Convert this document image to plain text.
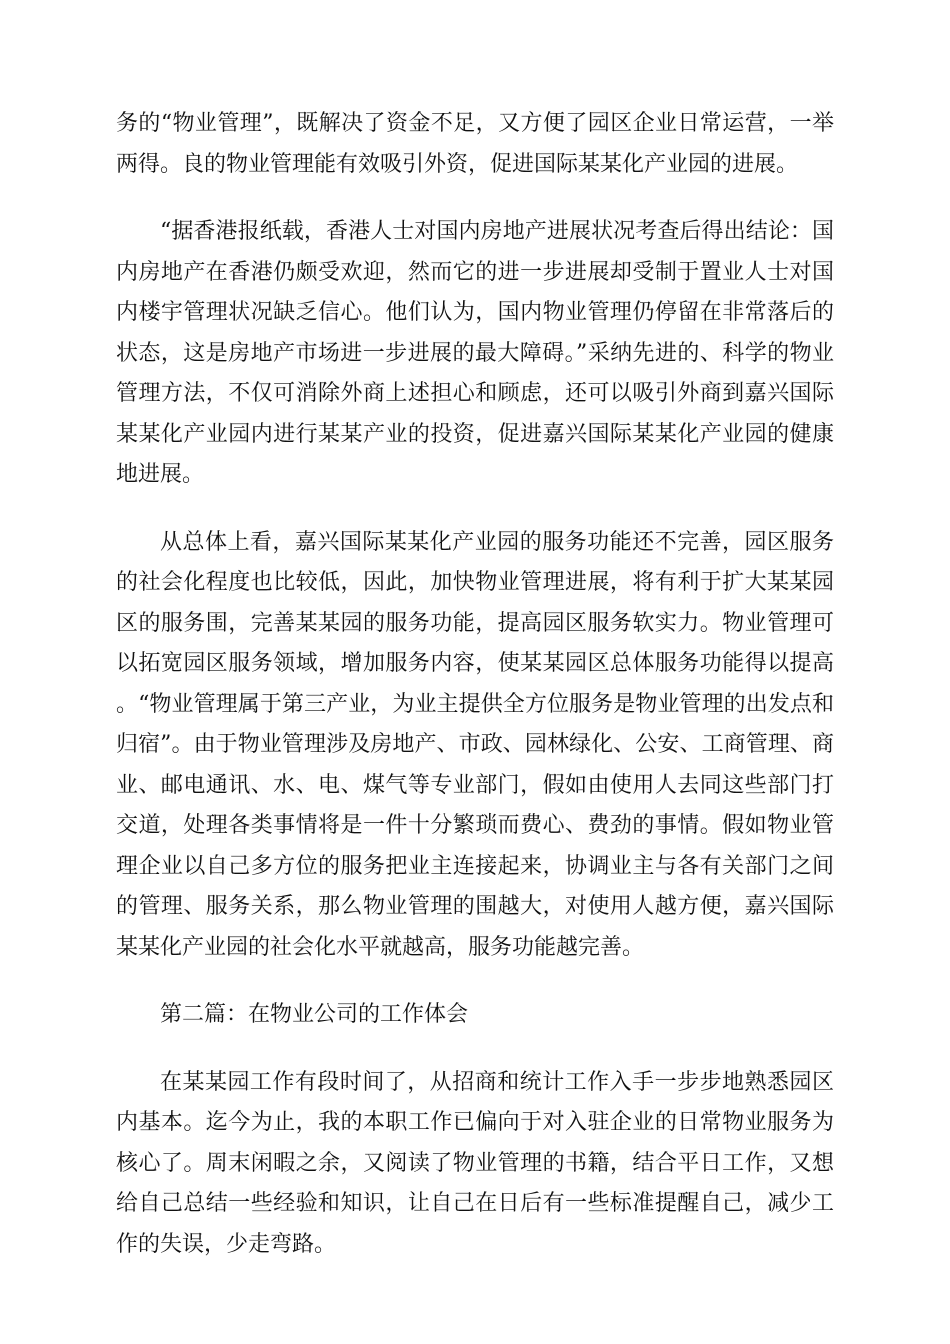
务的“物业管理”，既解决了资金不足，又方便了园区企业日常运营，一举两得。良的物业管理能有效吸引外资，促进国际某某化产业园的进展。

“据香港报纸载，香港人士对国内房地产进展状况考查后得出结论：国内房地产在香港仍颇受欢迎，然而它的进一步进展却受制于置业人士对国内楼宇管理状况缺乏信心。他们认为，国内物业管理仍停留在非常落后的状态，这是房地产市场进一步进展的最大障碍。”采纳先进的、科学的物业管理方法，不仅可消除外商上述担心和顾虑，还可以吸引外商到嘉兴国际某某化产业园内进行某某产业的投资，促进嘉兴国际某某化产业园的健康地进展。

从总体上看，嘉兴国际某某化产业园的服务功能还不完善，园区服务的社会化程度也比较低，因此，加快物业管理进展，将有利于扩大某某园区的服务围，完善某某园的服务功能，提高园区服务软实力。物业管理可以拓宽园区服务领域，增加服务内容，使某某园区总体服务功能得以提高。“物业管理属于第三产业，为业主提供全方位服务是物业管理的出发点和归宿”。由于物业管理涉及房地产、市政、园林绿化、公安、工商管理、商业、邮电通讯、水、电、煤气等专业部门，假如由使用人去同这些部门打交道，处理各类事情将是一件十分繁琐而费心、费劲的事情。假如物业管理企业以自己多方位的服务把业主连接起来，协调业主与各有关部门之间的管理、服务关系，那么物业管理的围越大，对使用人越方便，嘉兴国际某某化产业园的社会化水平就越高，服务功能越完善。

第二篇：在物业公司的工作体会

在某某园工作有段时间了，从招商和统计工作入手一步步地熟悉园区内基本。迄今为止，我的本职工作已偏向于对入驻企业的日常物业服务为核心了。周末闲暇之余，又阅读了物业管理的书籍，结合平日工作，又想给自己总结一些经验和知识，让自己在日后有一些标准提醒自己，减少工作的失误，少走弯路。
